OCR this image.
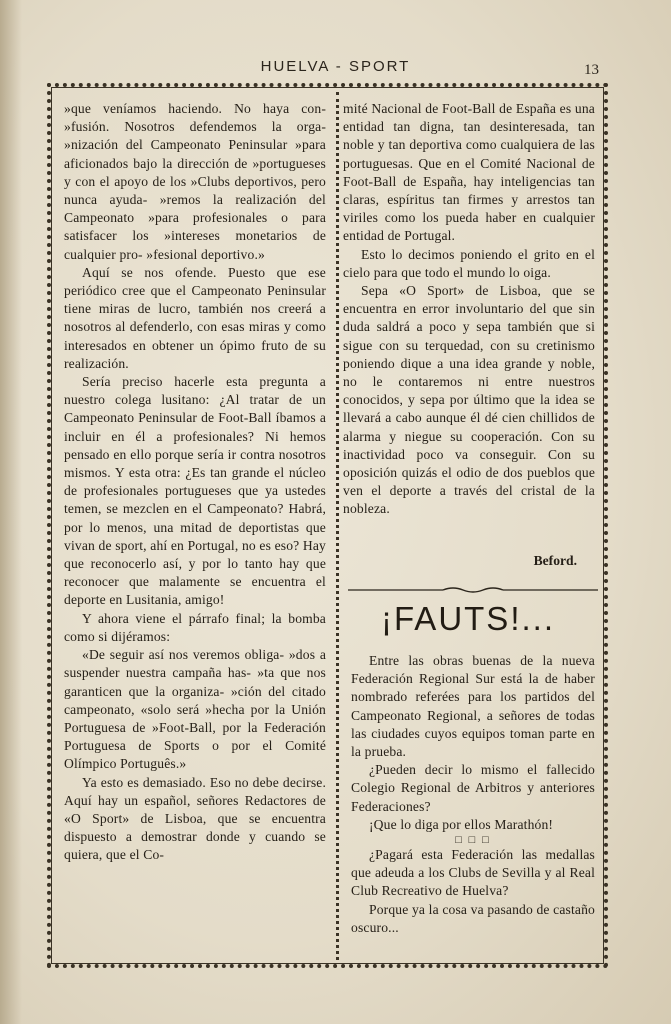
HUELVA - SPORT	13

»que veníamos haciendo. No haya con- »fusión. Nosotros defendemos la orga- »nización del Campeonato Peninsular »para aficionados bajo la dirección de »portugueses y con el apoyo de los »Clubs deportivos, pero nunca ayuda- »remos la realización del Campeonato »para profesionales o para satisfacer los »intereses monetarios de cualquier pro- »fesional deportivo.»

Aquí se nos ofende. Puesto que ese periódico cree que el Campeonato Peninsular tiene miras de lucro, también nos creerá a nosotros al defenderlo, con esas miras y como interesados en obtener un ópimo fruto de su realización.

Sería preciso hacerle esta pregunta a nuestro colega lusitano: ¿Al tratar de un Campeonato Peninsular de Foot-Ball íbamos a incluir en él a profesionales? Ni hemos pensado en ello porque sería ir contra nosotros mismos. Y esta otra: ¿Es tan grande el núcleo de profesionales portugueses que ya ustedes temen, se mezclen en el Campeonato? Habrá, por lo menos, una mitad de deportistas que vivan de sport, ahí en Portugal, no es eso? Hay que reconocerlo así, y por lo tanto hay que reconocer que malamente se encuentra el deporte en Lusitania, amigo!

Y ahora viene el párrafo final; la bomba como si dijéramos:

«De seguir así nos veremos obliga- »dos a suspender nuestra campaña has- »ta que nos garanticen que la organiza- »ción del citado campeonato, «solo será »hecha por la Unión Portuguesa de »Foot-Ball, por la Federación Portuguesa de Sports o por el Comité Olímpico Português.»

Ya esto es demasiado. Eso no debe decirse. Aquí hay un español, señores Redactores de «O Sport» de Lisboa, que se encuentra dispuesto a demostrar donde y cuando se quiera, que el Co-

mité Nacional de Foot-Ball de España es una entidad tan digna, tan desinteresada, tan noble y tan deportiva como cualquiera de las portuguesas. Que en el Comité Nacional de Foot-Ball de España, hay inteligencias tan claras, espíritus tan firmes y arrestos tan viriles como los pueda haber en cualquier entidad de Portugal.

Esto lo decimos poniendo el grito en el cielo para que todo el mundo lo oiga.

Sepa «O Sport» de Lisboa, que se encuentra en error involuntario del que sin duda saldrá a poco y sepa también que si sigue con su terquedad, con su cretinismo poniendo dique a una idea grande y noble, no le contaremos ni entre nuestros conocidos, y sepa por último que la idea se llevará a cabo aunque él dé cien chillidos de alarma y niegue su cooperación. Con su inactividad poco va conseguir. Con su oposición quizás el odio de dos pueblos que ven el deporte a través del cristal de la nobleza.

Beford.
¡FAUTS!...

Entre las obras buenas de la nueva Federación Regional Sur está la de haber nombrado referées para los partidos del Campeonato Regional, a señores de todas las ciudades cuyos equipos toman parte en la prueba.

¿Pueden decir lo mismo el fallecido Colegio Regional de Arbitros y anteriores Federaciones?

¡Que lo diga por ellos Marathón!

□ □ □

¿Pagará esta Federación las medallas que adeuda a los Clubs de Sevilla y al Real Club Recreativo de Huelva?

Porque ya la cosa va pasando de castaño oscuro...
